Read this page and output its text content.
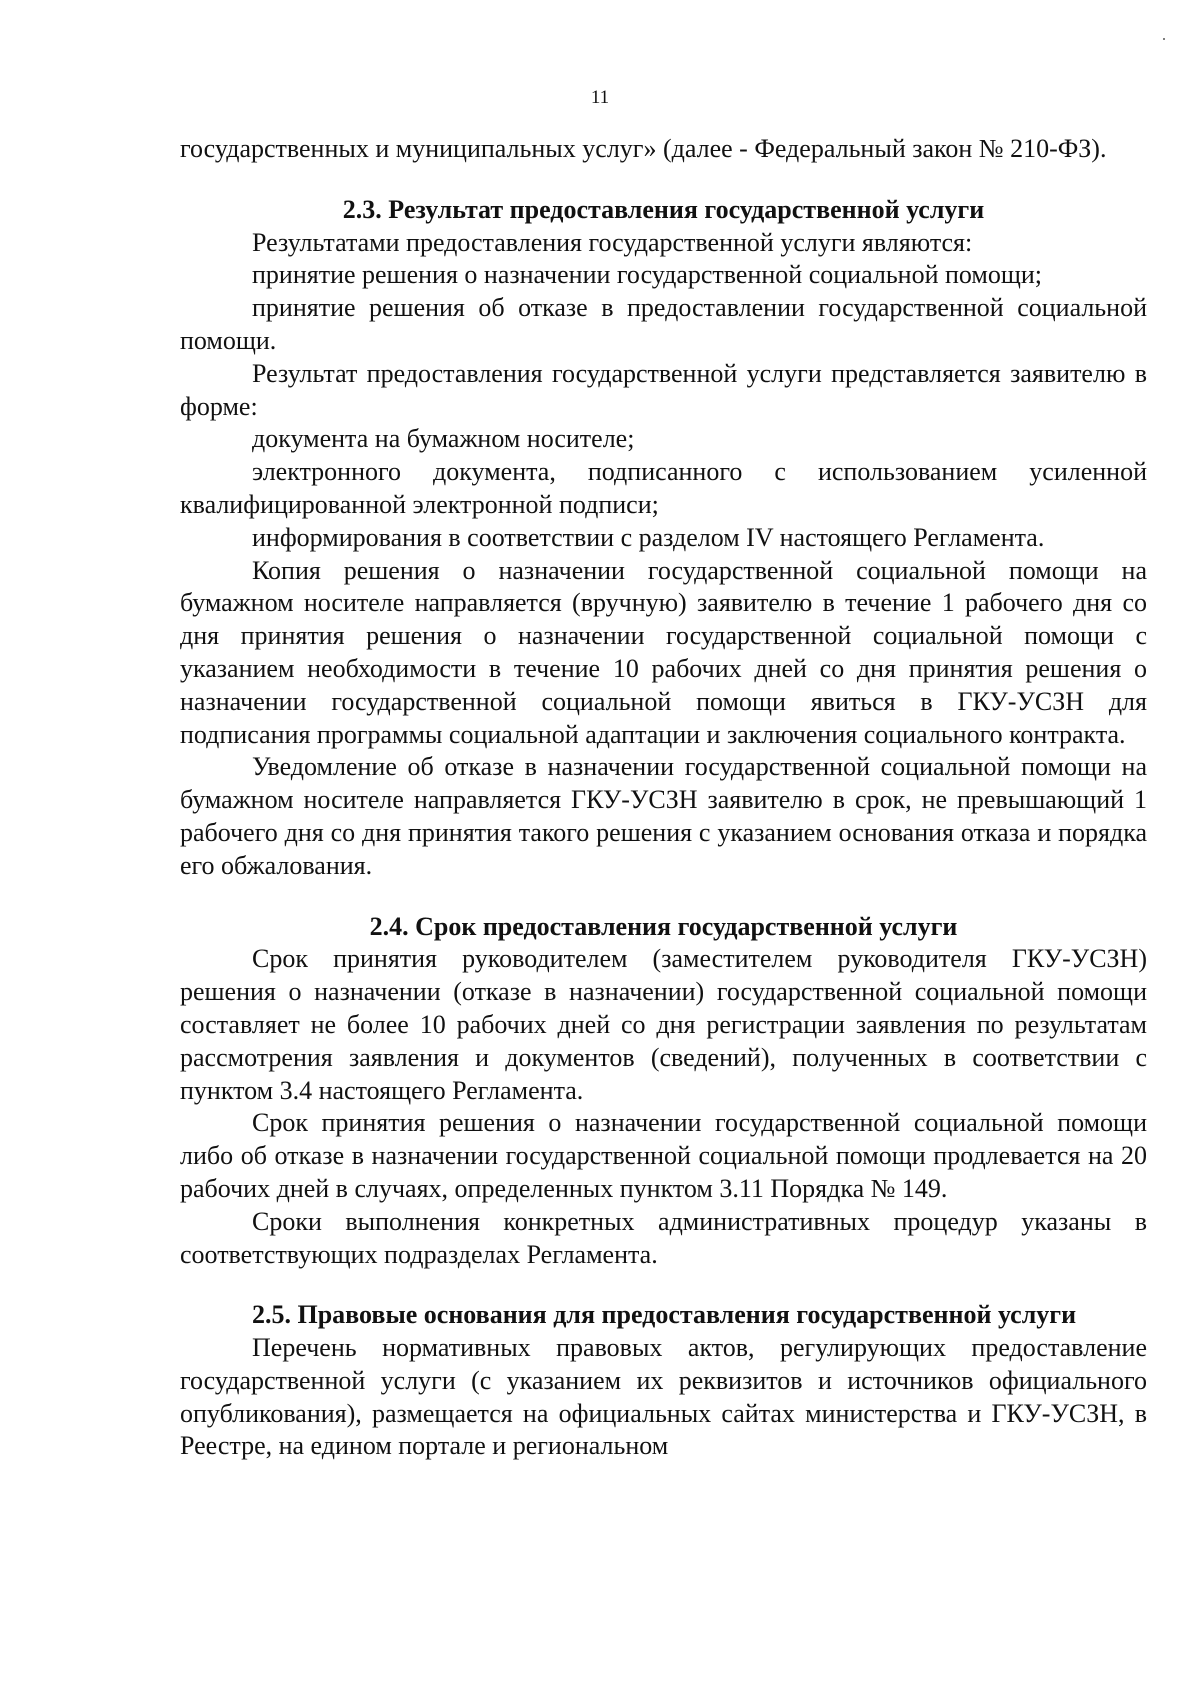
11

государственных и муниципальных услуг» (далее - Федеральный закон № 210-ФЗ).

2.3. Результат предоставления государственной услуги

Результатами предоставления государственной услуги являются:

принятие решения о назначении государственной социальной помощи;

принятие решения об отказе в предоставлении государственной социальной помощи.

Результат предоставления государственной услуги представляется заявителю в форме:

документа на бумажном носителе;

электронного документа, подписанного с использованием усиленной квалифицированной электронной подписи;

информирования в соответствии с разделом IV настоящего Регламента.

Копия решения о назначении государственной социальной помощи на бумажном носителе направляется (вручную) заявителю в течение 1 рабочего дня со дня принятия решения о назначении государственной социальной помощи с указанием необходимости в течение 10 рабочих дней со дня принятия решения о назначении государственной социальной помощи явиться в ГКУ-УСЗН для подписания программы социальной адаптации и заключения социального контракта.

Уведомление об отказе в назначении государственной социальной помощи на бумажном носителе направляется ГКУ-УСЗН заявителю в срок, не превышающий 1 рабочего дня со дня принятия такого решения с указанием основания отказа и порядка его обжалования.

2.4. Срок предоставления государственной услуги

Срок принятия руководителем (заместителем руководителя ГКУ-УСЗН) решения о назначении (отказе в назначении) государственной социальной помощи составляет не более 10 рабочих дней со дня регистрации заявления по результатам рассмотрения заявления и документов (сведений), полученных в соответствии с пунктом 3.4 настоящего Регламента.

Срок принятия решения о назначении государственной социальной помощи либо об отказе в назначении государственной социальной помощи продлевается на 20 рабочих дней в случаях, определенных пунктом 3.11 Порядка № 149.

Сроки выполнения конкретных административных процедур указаны в соответствующих подразделах Регламента.

2.5. Правовые основания для предоставления государственной услуги

Перечень нормативных правовых актов, регулирующих предоставление государственной услуги (с указанием их реквизитов и источников официального опубликования), размещается на официальных сайтах министерства и ГКУ-УСЗН, в Реестре, на едином портале и региональном
